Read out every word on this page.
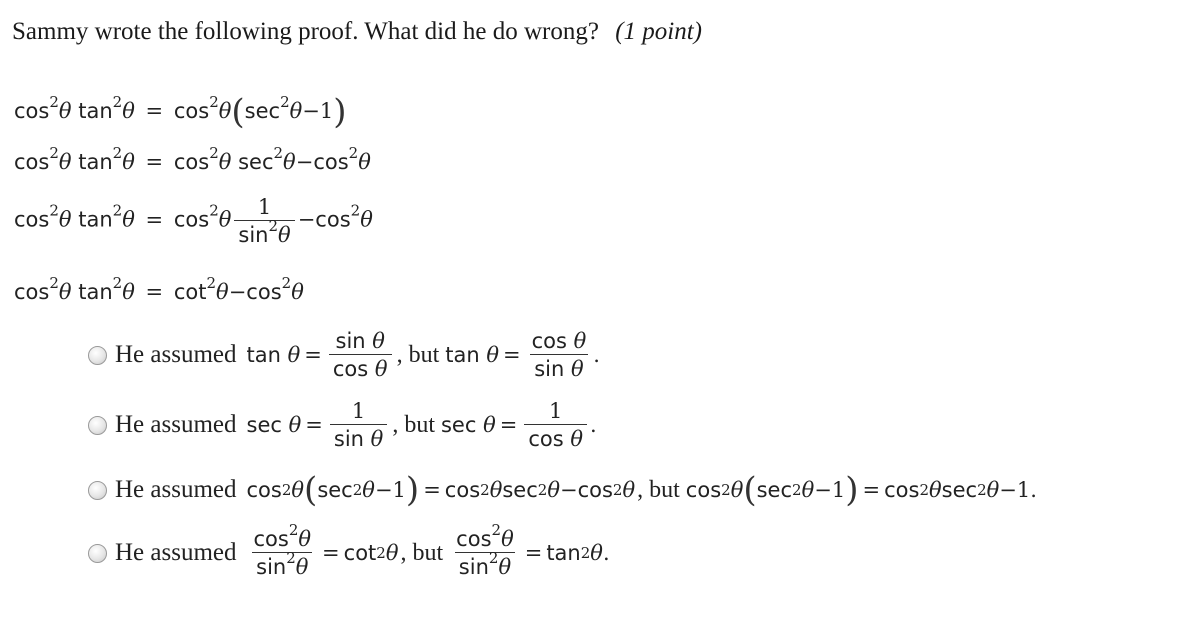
Sammy wrote the following proof. What did he do wrong? (1 point)
$\cos^2\theta$ $\tan^2\theta = \cos^2\theta(\sec^2\theta-1)$
$\cos^2\theta$ $\tan^2\theta = \cos^2\theta$ $\sec^2\theta-\cos^2\theta$
$\cos^2\theta$ $\tan^2\theta = \cos^2\theta \frac{1}{\sin^2\theta} -\cos^2\theta$
$\cos^2\theta$ $\tan^2\theta = \cot^2\theta-\cos^2\theta$
He assumed tan
$\theta = \frac{\text{sin θ}}{\text{cos θ}}$ , but tan
$\theta = \frac{\text{cos θ}}{\text{sin θ}}$ .
He assumed sec
$\theta = \frac{1}{\text{sin θ}}$ , but sec
$\theta = \frac{1}{\text{cos θ}}$ .
He assumed cos 2 θ ( sec 2 θ − 1 ) = cos 2 θ sec 2 θ − cos 2 θ , but cos 2 θ ( sec 2 θ − 1 ) = cos 2 θ sec 2 θ − 1 .
He assumed $\frac{\cos^2\theta}{\sin^2\theta} = \cot 2$ θ , but $\frac{\cos^2\theta}{\sin^2\theta} = \tan 2$ θ .
